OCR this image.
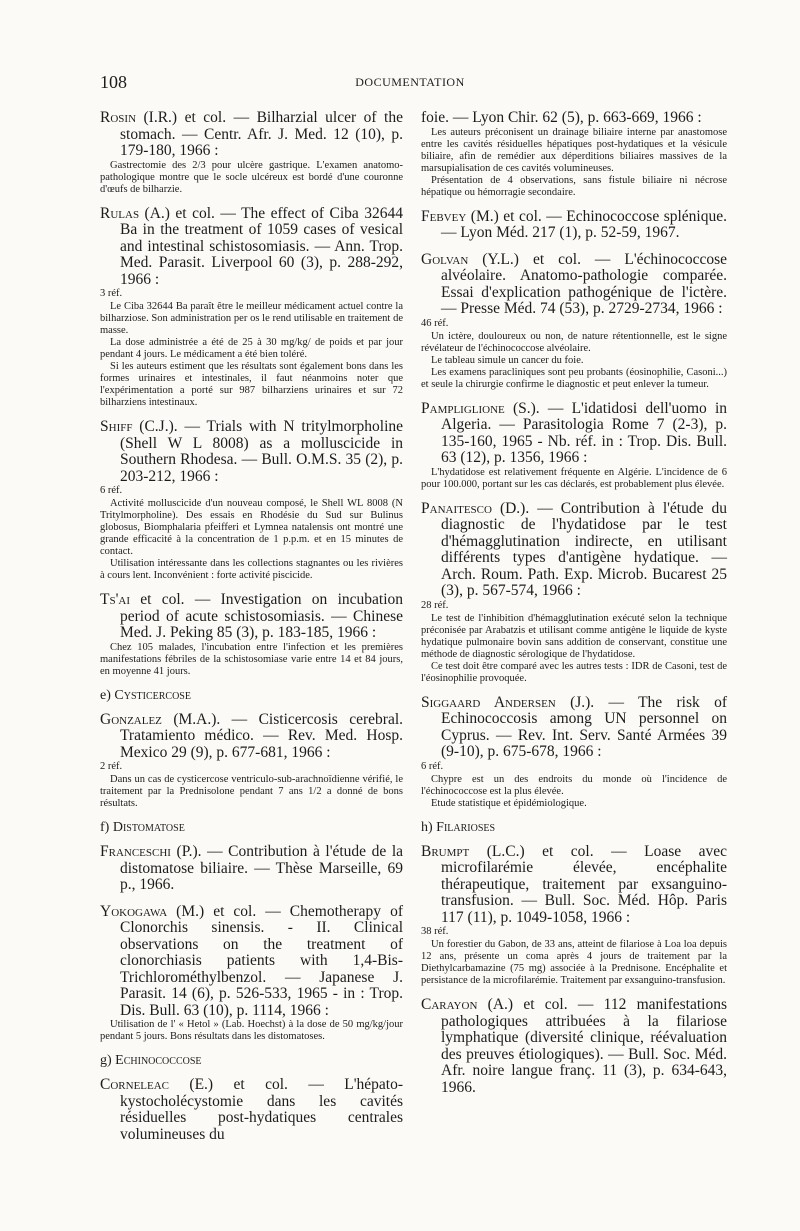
108	DOCUMENTATION
Rosin (I.R.) et col. — Bilharzial ulcer of the stomach. — Centr. Afr. J. Med. 12 (10), p. 179-180, 1966 :

Gastrectomie des 2/3 pour ulcère gastrique. L'examen anatomo-pathologique montre que le socle ulcéreux est bordé d'une couronne d'œufs de bilharzie.

Rulas (A.) et col. — The effect of Ciba 32644 Ba in the treatment of 1059 cases of vesical and intestinal schistosomiasis. — Ann. Trop. Med. Parasit. Liverpool 60 (3), p. 288-292, 1966 :
3 réf.

Le Ciba 32644 Ba paraît être le meilleur médicament actuel contre la bilharziose. Son administration per os le rend utilisable en traitement de masse.

La dose administrée a été de 25 à 30 mg/kg/ de poids et par jour pendant 4 jours. Le médicament a été bien toléré.

Si les auteurs estiment que les résultats sont également bons dans les formes urinaires et intestinales, il faut néanmoins noter que l'expérimentation a porté sur 987 bilharziens urinaires et sur 72 bilharziens intestinaux.

Shiff (C.J.). — Trials with N tritylmorpholine (Shell W L 8008) as a molluscicide in Southern Rhodesa. — Bull. O.M.S. 35 (2), p. 203-212, 1966 :
6 réf.

Activité molluscicide d'un nouveau composé, le Shell WL 8008 (N Tritylmorpholine). Des essais en Rhodésie du Sud sur Bulinus globosus, Biomphalaria pfeifferi et Lymnea natalensis ont montré une grande efficacité à la concentration de 1 p.p.m. et en 15 minutes de contact.

Utilisation intéressante dans les collections stagnantes ou les rivières à cours lent. Inconvénient : forte activité piscicide.

Ts'ai et col. — Investigation on incubation period of acute schistosomiasis. — Chinese Med. J. Peking 85 (3), p. 183-185, 1966 :

Chez 105 malades, l'incubation entre l'infection et les premières manifestations fébriles de la schistosomiase varie entre 14 et 84 jours, en moyenne 41 jours.

e) Cysticercose
Gonzalez (M.A.). — Cisticercosis cerebral. Tratamiento médico. — Rev. Med. Hosp. Mexico 29 (9), p. 677-681, 1966 :
2 réf.

Dans un cas de cysticercose ventriculo-sub-arachnoïdienne vérifié, le traitement par la Prednisolone pendant 7 ans 1/2 a donné de bons résultats.

f) Distomatose
Franceschi (P.). — Contribution à l'étude de la distomatose biliaire. — Thèse Marseille, 69 p., 1966.
Yokogawa (M.) et col. — Chemotherapy of Clonorchis sinensis. - II. Clinical observations on the treatment of clonorchiasis patients with 1,4-Bis-Trichlorométhylbenzol. — Japanese J. Parasit. 14 (6), p. 526-533, 1965 - in : Trop. Dis. Bull. 63 (10), p. 1114, 1966 :

Utilisation de l' « Hetol » (Lab. Hoechst) à la dose de 50 mg/kg/jour pendant 5 jours. Bons résultats dans les distomatoses.

g) Echinococcose
Corneleac (E.) et col. — L'hépato-kystocholécystomie dans les cavités résiduelles post-hydatiques centrales volumineuses du
foie. — Lyon Chir. 62 (5), p. 663-669, 1966 :

Les auteurs préconisent un drainage biliaire interne par anastomose entre les cavités résiduelles hépatiques post-hydatiques et la vésicule biliaire, afin de remédier aux déperditions biliaires massives de la marsupialisation de ces cavités volumineuses.

Présentation de 4 observations, sans fistule biliaire ni nécrose hépatique ou hémorragie secondaire.

Febvey (M.) et col. — Echinococcose splénique. — Lyon Méd. 217 (1), p. 52-59, 1967.
Golvan (Y.L.) et col. — L'échinococcose alvéolaire. Anatomo-pathologie comparée. Essai d'explication pathogénique de l'ictère. — Presse Méd. 74 (53), p. 2729-2734, 1966 :
46 réf.

Un ictère, douloureux ou non, de nature rétentionnelle, est le signe révélateur de l'échinococcose alvéolaire.

Le tableau simule un cancer du foie.

Les examens paracliniques sont peu probants (éosinophilie, Casoni...) et seule la chirurgie confirme le diagnostic et peut enlever la tumeur.

Pampliglione (S.). — L'idatidosi dell'uomo in Algeria. — Parasitologia Rome 7 (2-3), p. 135-160, 1965 - Nb. réf. in : Trop. Dis. Bull. 63 (12), p. 1356, 1966 :

L'hydatidose est relativement fréquente en Algérie. L'incidence de 6 pour 100.000, portant sur les cas déclarés, est probablement plus élevée.

Panaitesco (D.). — Contribution à l'étude du diagnostic de l'hydatidose par le test d'hémagglutination indirecte, en utilisant différents types d'antigène hydatique. — Arch. Roum. Path. Exp. Microb. Bucarest 25 (3), p. 567-574, 1966 :
28 réf.

Le test de l'inhibition d'hémagglutination exécuté selon la technique préconisée par Arabatzis et utilisant comme antigène le liquide de kyste hydatique pulmonaire bovin sans addition de conservant, constitue une méthode de diagnostic sérologique de l'hydatidose.

Ce test doit être comparé avec les autres tests : IDR de Casoni, test de l'éosinophilie provoquée.

Siggaard Andersen (J.). — The risk of Echinococcosis among UN personnel on Cyprus. — Rev. Int. Serv. Santé Armées 39 (9-10), p. 675-678, 1966 :
6 réf.

Chypre est un des endroits du monde où l'incidence de l'échinococcose est la plus élevée.

Etude statistique et épidémiologique.

h) Filarioses
Brumpt (L.C.) et col. — Loase avec microfilarémie élevée, encéphalite thérapeutique, traitement par exsanguino-transfusion. — Bull. Soc. Méd. Hôp. Paris 117 (11), p. 1049-1058, 1966 :
38 réf.

Un forestier du Gabon, de 33 ans, atteint de filariose à Loa loa depuis 12 ans, présente un coma après 4 jours de traitement par la Diethylcarbamazine (75 mg) associée à la Prednisone. Encéphalite et persistance de la microfilarémie. Traitement par exsanguino-transfusion.

Carayon (A.) et col. — 112 manifestations pathologiques attribuées à la filariose lymphatique (diversité clinique, réévaluation des preuves étiologiques). — Bull. Soc. Méd. Afr. noire langue franç. 11 (3), p. 634-643, 1966.
